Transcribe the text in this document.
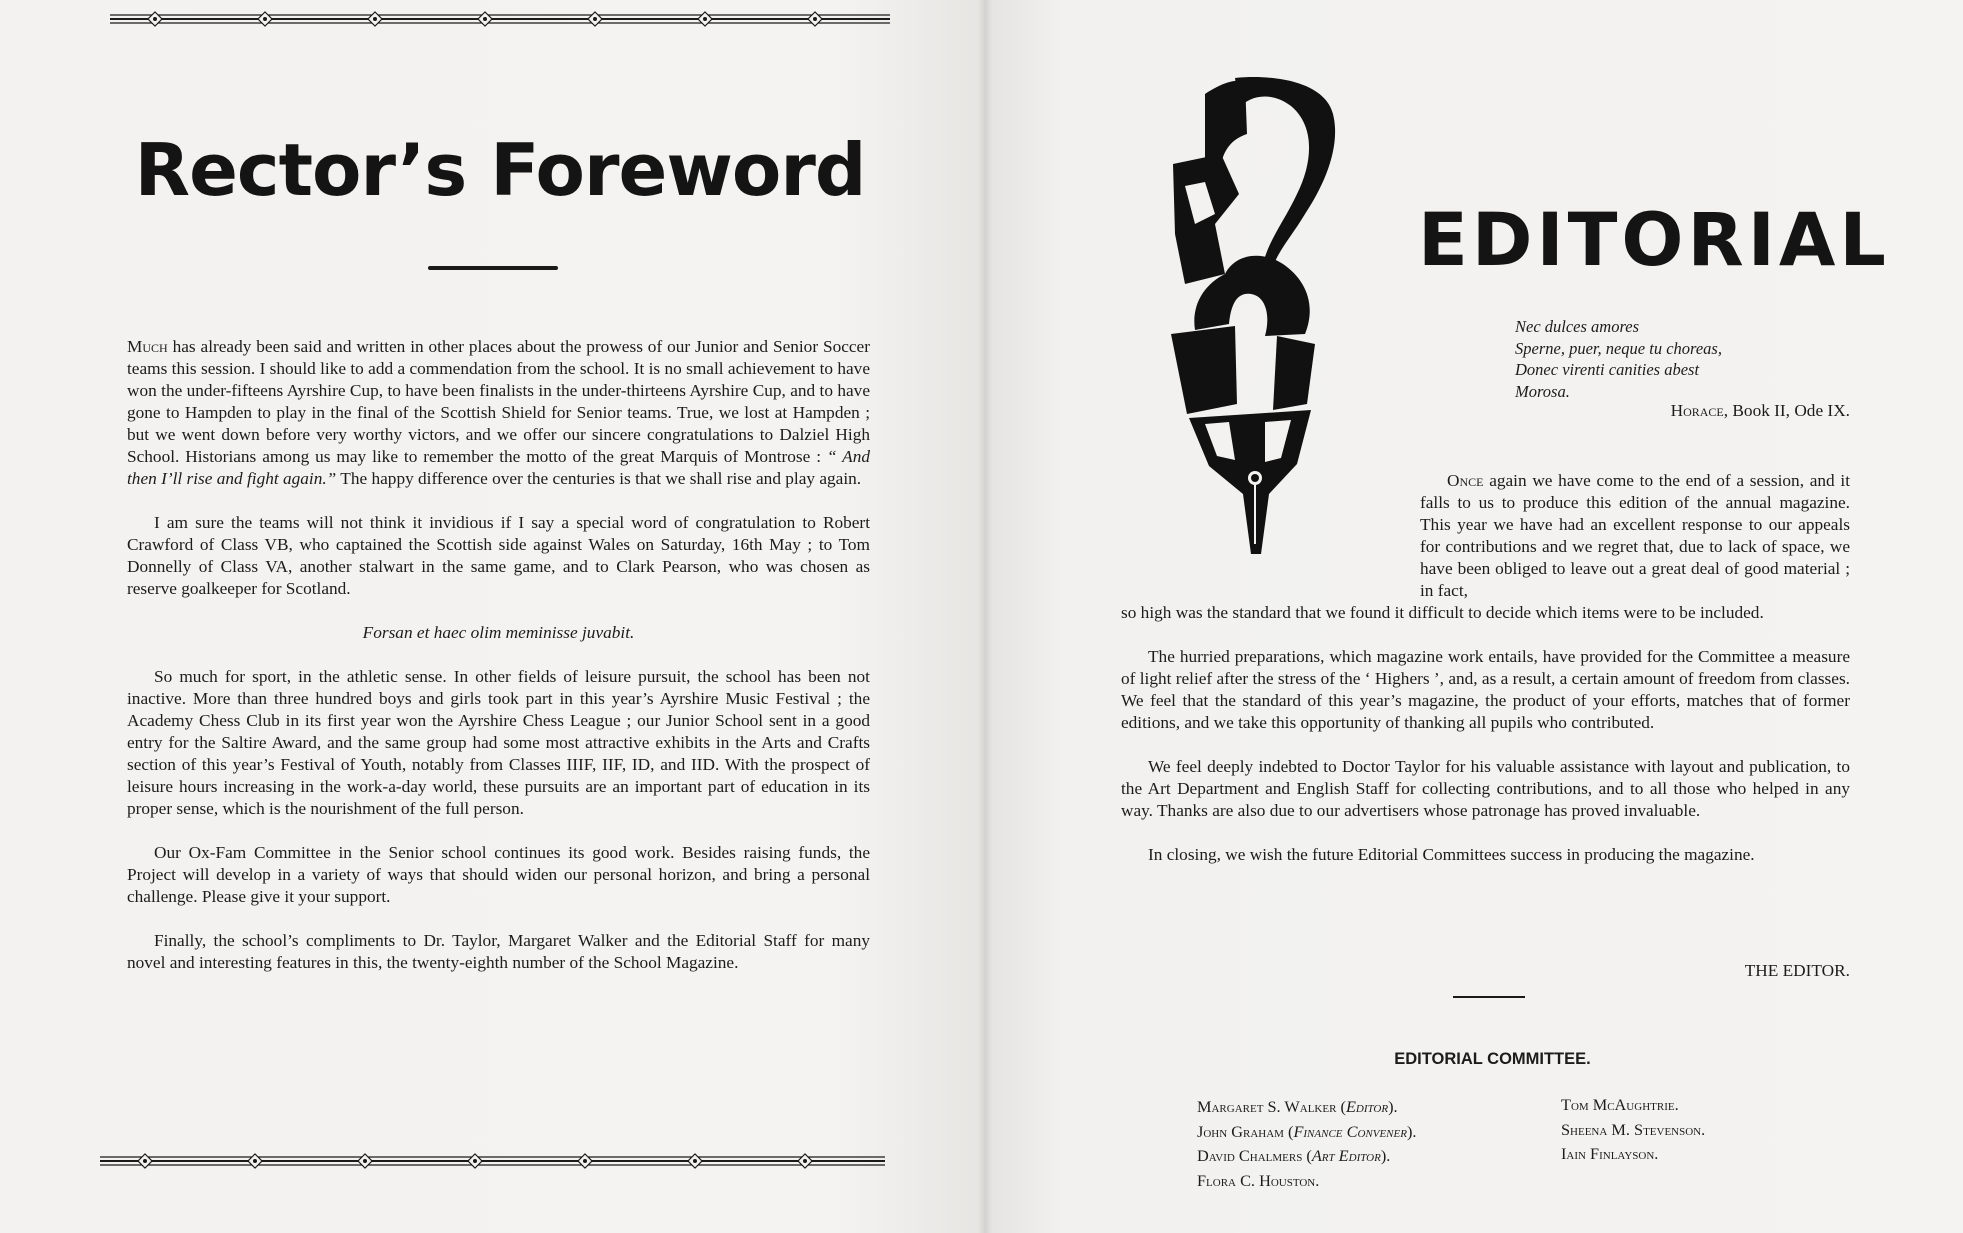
Rector’s Foreword

Much has already been said and written in other places about the prowess of our Junior and Senior Soccer teams this session. I should like to add a commendation from the school. It is no small achievement to have won the under-fifteens Ayrshire Cup, to have been finalists in the under-thirteens Ayrshire Cup, and to have gone to Hampden to play in the final of the Scottish Shield for Senior teams. True, we lost at Hampden ; but we went down before very worthy victors, and we offer our sincere congratulations to Dalziel High School. Historians among us may like to remember the motto of the great Marquis of Montrose : “ And then I’ll rise and fight again.” The happy difference over the centuries is that we shall rise and play again.

I am sure the teams will not think it invidious if I say a special word of congratulation to Robert Crawford of Class VB, who captained the Scottish side against Wales on Saturday, 16th May ; to Tom Donnelly of Class VA, another stalwart in the same game, and to Clark Pearson, who was chosen as reserve goalkeeper for Scotland.

Forsan et haec olim meminisse juvabit.

So much for sport, in the athletic sense. In other fields of leisure pursuit, the school has been not inactive. More than three hundred boys and girls took part in this year’s Ayrshire Music Festival ; the Academy Chess Club in its first year won the Ayrshire Chess League ; our Junior School sent in a good entry for the Saltire Award, and the same group had some most attractive exhibits in the Arts and Crafts section of this year’s Festival of Youth, notably from Classes IIIF, IIF, ID, and IID. With the prospect of leisure hours increasing in the work-a-day world, these pursuits are an important part of education in its proper sense, which is the nourishment of the full person.

Our Ox-Fam Committee in the Senior school continues its good work. Besides raising funds, the Project will develop in a variety of ways that should widen our personal horizon, and bring a personal challenge. Please give it your support.

Finally, the school’s compliments to Dr. Taylor, Margaret Walker and the Editorial Staff for many novel and interesting features in this, the twenty-eighth number of the School Magazine.

EDITORIAL
Nec dulces amores
Sperne, puer, neque tu choreas,
Donec virenti canities abest
Morosa.
Horace, Book II, Ode IX.

Once again we have come to the end of a session, and it falls to us to produce this edition of the annual magazine. This year we have had an excellent response to our appeals for contributions and we regret that, due to lack of space, we have been obliged to leave out a great deal of good material ; in fact,

so high was the standard that we found it difficult to decide which items were to be included.

The hurried preparations, which magazine work entails, have provided for the Committee a measure of light relief after the stress of the ‘ Highers ’, and, as a result, a certain amount of freedom from classes. We feel that the standard of this year’s magazine, the product of your efforts, matches that of former editions, and we take this opportunity of thanking all pupils who contributed.

We feel deeply indebted to Doctor Taylor for his valuable assistance with layout and publication, to the Art Department and English Staff for collecting contributions, and to all those who helped in any way. Thanks are also due to our advertisers whose patronage has proved invaluable.

In closing, we wish the future Editorial Committees success in producing the magazine.

THE EDITOR.
EDITORIAL COMMITTEE.
Margaret S. Walker (Editor).
John Graham (Finance Convener).
David Chalmers (Art Editor).
Flora C. Houston.
Tom McAughtrie.
Sheena M. Stevenson.
Iain Finlayson.
